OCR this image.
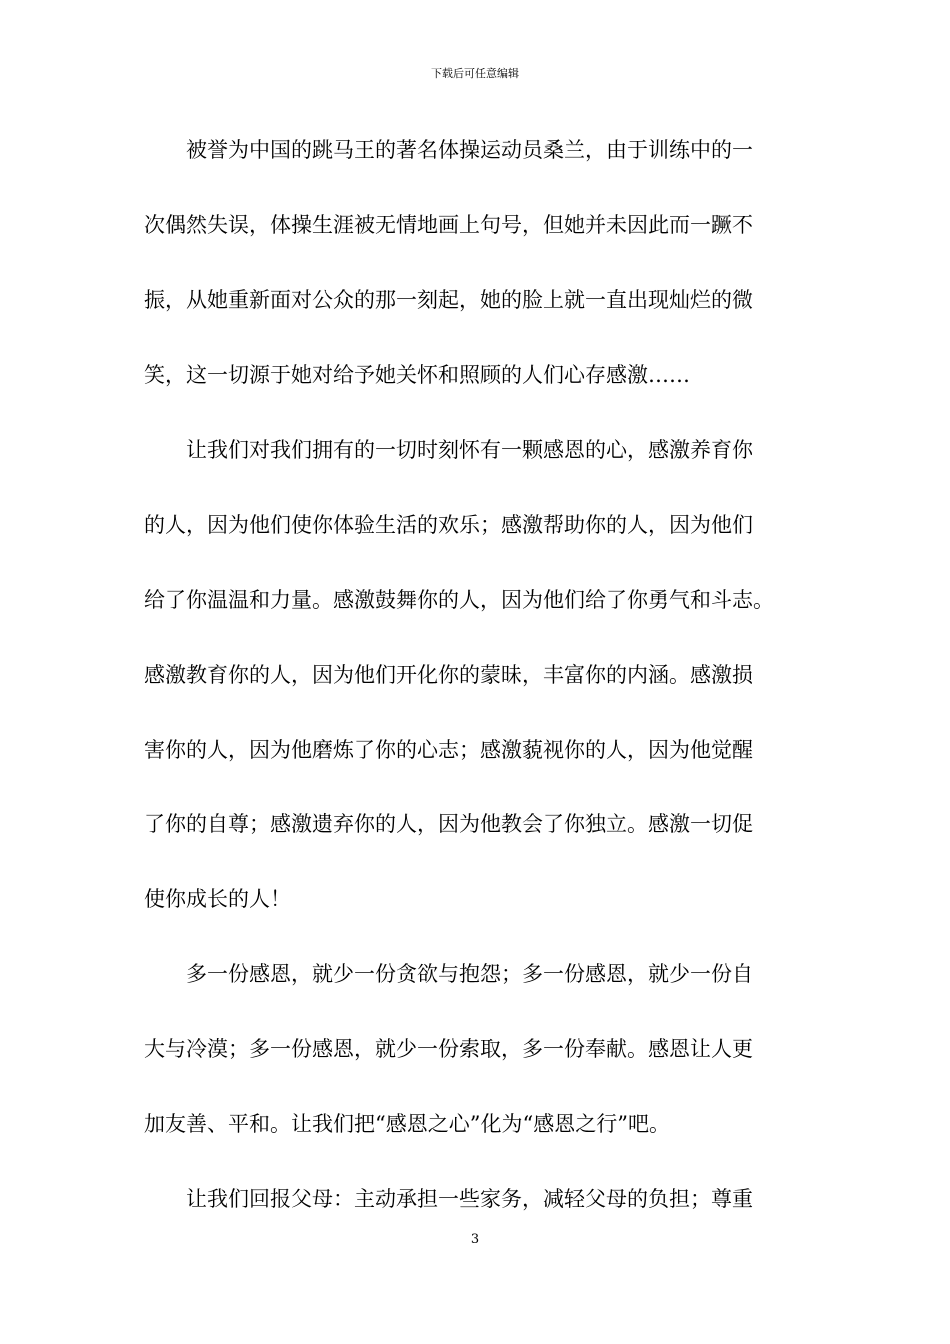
下载后可任意编辑
　　被誉为中国的跳马王的著名体操运动员桑兰，由于训练中的一
次偶然失误，体操生涯被无情地画上句号，但她并未因此而一蹶不
振，从她重新面对公众的那一刻起，她的脸上就一直出现灿烂的微
笑，这一切源于她对给予她关怀和照顾的人们心存感激……
　　让我们对我们拥有的一切时刻怀有一颗感恩的心，感激养育你
的人，因为他们使你体验生活的欢乐；感激帮助你的人，因为他们
给了你温温和力量。感激鼓舞你的人，因为他们给了你勇气和斗志。
感激教育你的人，因为他们开化你的蒙昧，丰富你的内涵。感激损
害你的人，因为他磨炼了你的心志；感激藐视你的人，因为他觉醒
了你的自尊；感激遗弃你的人，因为他教会了你独立。感激一切促
使你成长的人！
　　多一份感恩，就少一份贪欲与抱怨；多一份感恩，就少一份自
大与冷漠；多一份感恩，就少一份索取，多一份奉献。感恩让人更
加友善、平和。让我们把“感恩之心”化为“感恩之行”吧。
　　让我们回报父母：主动承担一些家务，减轻父母的负担；尊重
3
